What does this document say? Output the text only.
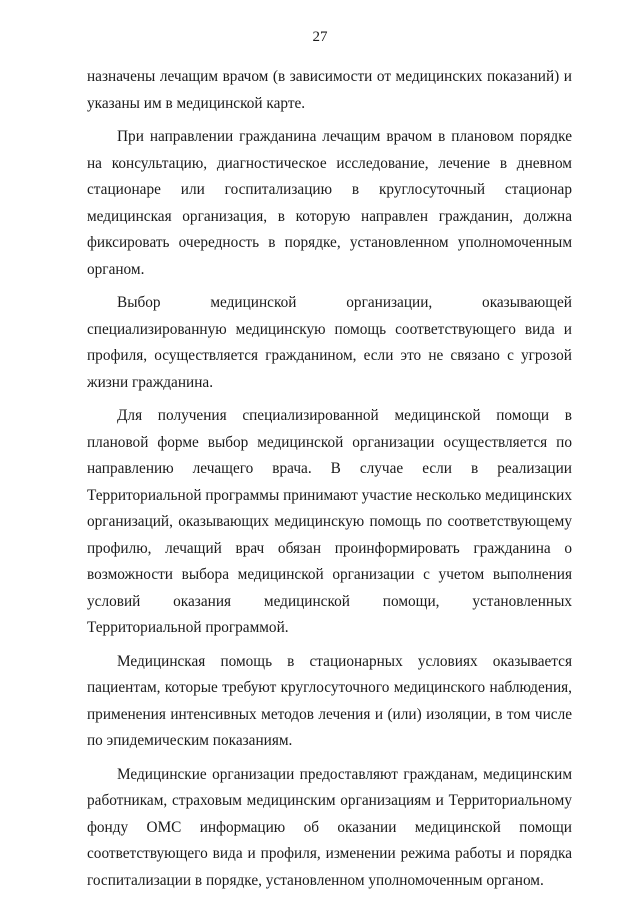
27

назначены лечащим врачом (в зависимости от медицинских показаний) и указаны им в медицинской карте.

При направлении гражданина лечащим врачом в плановом порядке на консультацию, диагностическое исследование, лечение в дневном стационаре или госпитализацию в круглосуточный стационар медицинская организация, в которую направлен гражданин, должна фиксировать очередность в порядке, установленном уполномоченным органом.

Выбор медицинской организации, оказывающей специализированную медицинскую помощь соответствующего вида и профиля, осуществляется гражданином, если это не связано с угрозой жизни гражданина.

Для получения специализированной медицинской помощи в плановой форме выбор медицинской организации осуществляется по направлению лечащего врача. В случае если в реализации Территориальной программы принимают участие несколько медицинских организаций, оказывающих медицинскую помощь по соответствующему профилю, лечащий врач обязан проинформировать гражданина о возможности выбора медицинской организации с учетом выполнения условий оказания медицинской помощи, установленных Территориальной программой.

Медицинская помощь в стационарных условиях оказывается пациентам, которые требуют круглосуточного медицинского наблюдения, применения интенсивных методов лечения и (или) изоляции, в том числе по эпидемическим показаниям.

Медицинские организации предоставляют гражданам, медицинским работникам, страховым медицинским организациям и Территориальному фонду ОМС информацию об оказании медицинской помощи соответствующего вида и профиля, изменении режима работы и порядка госпитализации в порядке, установленном уполномоченным органом.
